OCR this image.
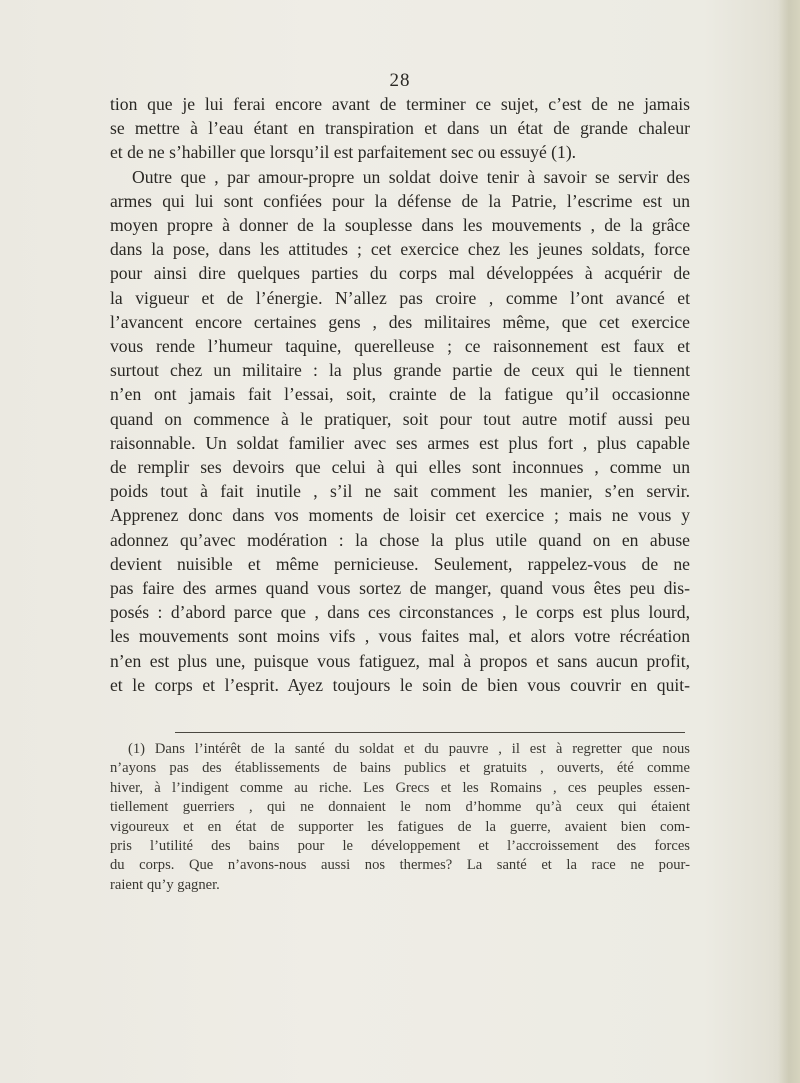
28

tion que je lui ferai encore avant de terminer ce sujet, c’est de ne jamais

se mettre à l’eau étant en transpiration et dans un état de grande chaleur

et de ne s’habiller que lorsqu’il est parfaitement sec ou essuyé (1).

Outre que , par amour-propre un soldat doive tenir à savoir se servir des

armes qui lui sont confiées pour la défense de la Patrie, l’escrime est un

moyen propre à donner de la souplesse dans les mouvements , de la grâce

dans la pose, dans les attitudes ; cet exercice chez les jeunes soldats, force

pour ainsi dire quelques parties du corps mal développées à acquérir de

la vigueur et de l’énergie. N’allez pas croire , comme l’ont avancé et

l’avancent encore certaines gens , des militaires même, que cet exercice

vous rende l’humeur taquine, querelleuse ; ce raisonnement est faux et

surtout chez un militaire : la plus grande partie de ceux qui le tiennent

n’en ont jamais fait l’essai, soit, crainte de la fatigue qu’il occasionne

quand on commence à le pratiquer, soit pour tout autre motif aussi peu

raisonnable. Un soldat familier avec ses armes est plus fort , plus capable

de remplir ses devoirs que celui à qui elles sont inconnues , comme un

poids tout à fait inutile , s’il ne sait comment les manier, s’en servir.

Apprenez donc dans vos moments de loisir cet exercice ; mais ne vous y

adonnez qu’avec modération : la chose la plus utile quand on en abuse

devient nuisible et même pernicieuse. Seulement, rappelez-vous de ne

pas faire des armes quand vous sortez de manger, quand vous êtes peu dis-

posés : d’abord parce que , dans ces circonstances , le corps est plus lourd,

les mouvements sont moins vifs , vous faites mal, et alors votre récréation

n’en est plus une, puisque vous fatiguez, mal à propos et sans aucun profit,

et le corps et l’esprit. Ayez toujours le soin de bien vous couvrir en quit-

(1) Dans l’intérêt de la santé du soldat et du pauvre , il est à regretter que nous

n’ayons pas des établissements de bains publics et gratuits , ouverts, été comme

hiver, à l’indigent comme au riche. Les Grecs et les Romains , ces peuples essen-

tiellement guerriers , qui ne donnaient le nom d’homme qu’à ceux qui étaient

vigoureux et en état de supporter les fatigues de la guerre, avaient bien com-

pris l’utilité des bains pour le développement et l’accroissement des forces

du corps. Que n’avons-nous aussi nos thermes? La santé et la race ne pour-

raient qu’y gagner.
